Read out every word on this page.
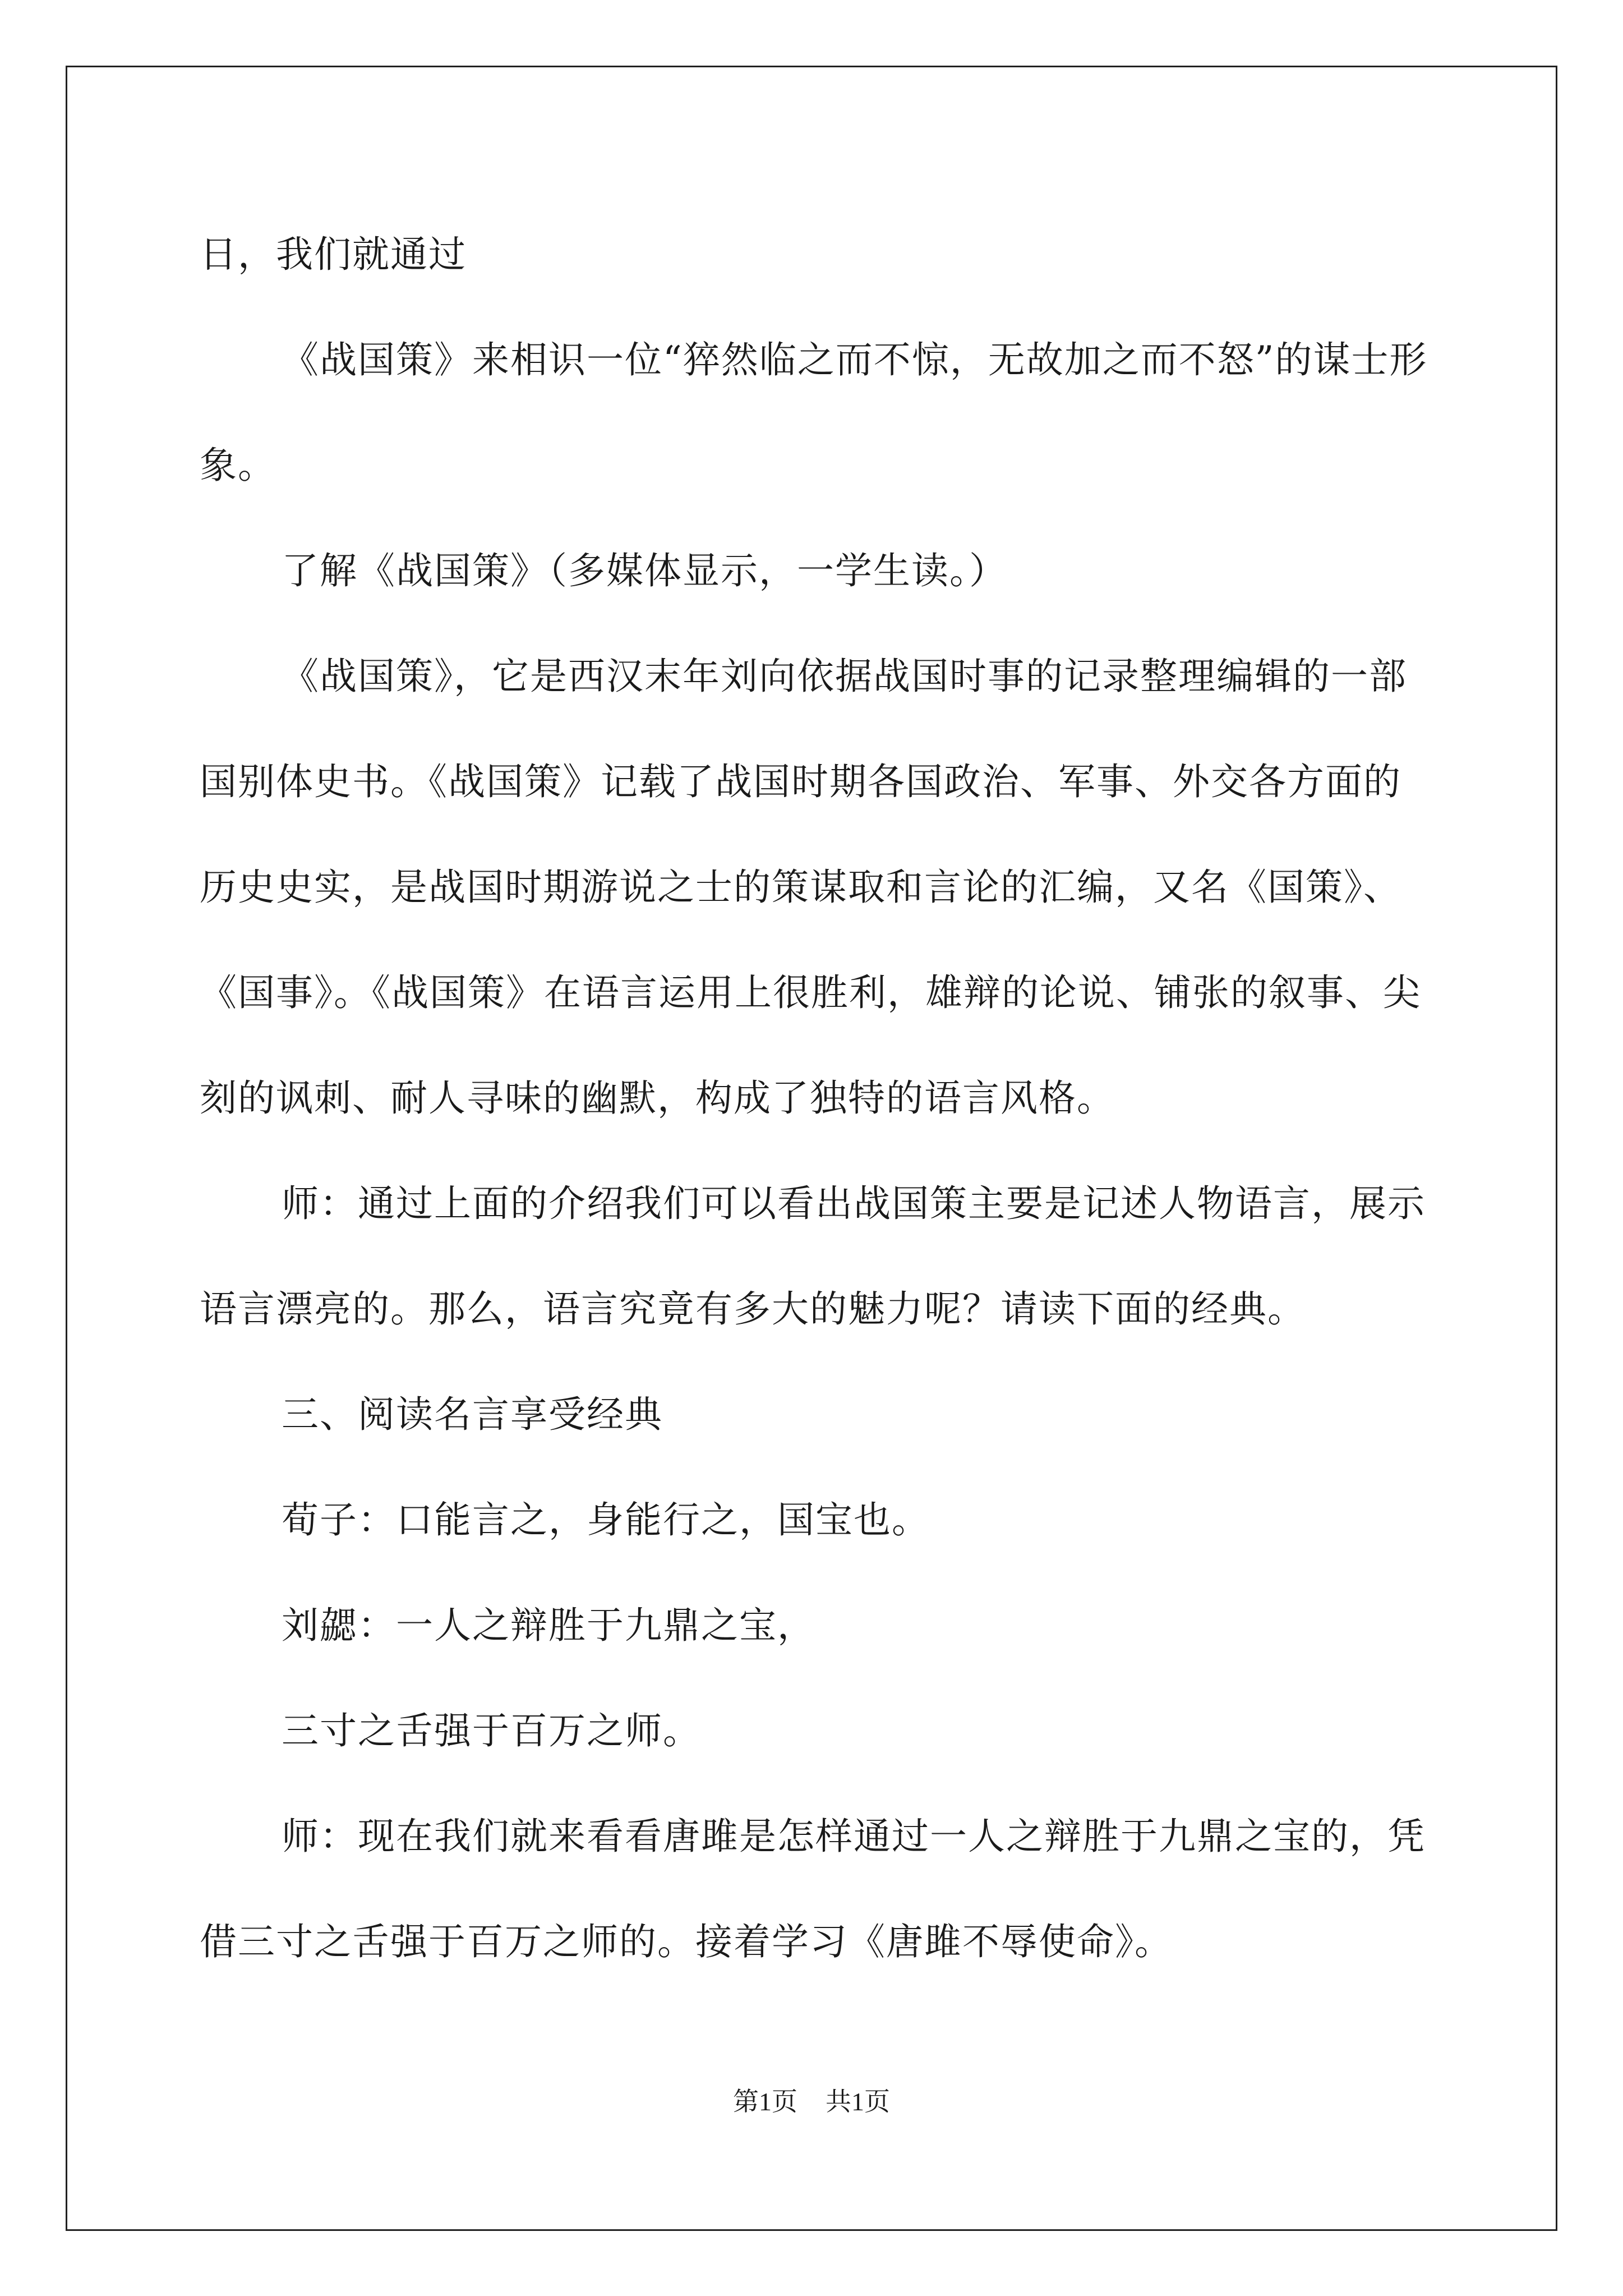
日，我们就通过

《战国策》来相识一位“猝然临之而不惊，无故加之而不怒”的谋士形象。

了解《战国策》（多媒体显示，一学生读。）

《战国策》，它是西汉末年刘向依据战国时事的记录整理编辑的一部国别体史书。《战国策》记载了战国时期各国政治、军事、外交各方面的历史史实，是战国时期游说之士的策谋取和言论的汇编，又名《国策》、《国事》。《战国策》在语言运用上很胜利，雄辩的论说、铺张的叙事、尖刻的讽刺、耐人寻味的幽默，构成了独特的语言风格。

师：通过上面的介绍我们可以看出战国策主要是记述人物语言，展示语言漂亮的。那么，语言究竟有多大的魅力呢？请读下面的经典。

三、阅读名言享受经典

荀子：口能言之，身能行之，国宝也。

刘勰：一人之辩胜于九鼎之宝，

三寸之舌强于百万之师。

师：现在我们就来看看唐雎是怎样通过一人之辩胜于九鼎之宝的，凭借三寸之舌强于百万之师的。接着学习《唐雎不辱使命》。

第1页 共1页
